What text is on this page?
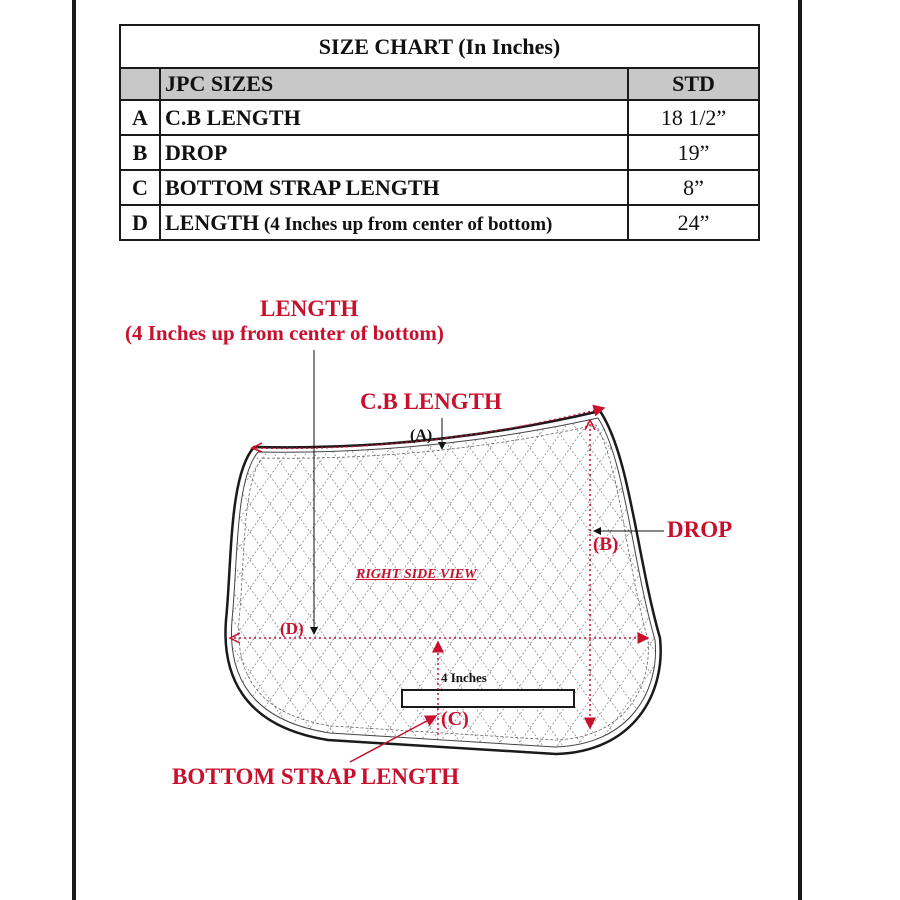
SIZE CHART (In Inches)		
	JPC SIZES	STD
A	C.B LENGTH	18 1/2”
B	DROP	19”
C	BOTTOM STRAP LENGTH	8”
D	LENGTH (4 Inches up from center of bottom)	24”
LENGTH
(4 Inches up from center of bottom)
C.B LENGTH
(A)
DROP
(B)
RIGHT SIDE VIEW
(D)
4 Inches
(C)
BOTTOM STRAP LENGTH
